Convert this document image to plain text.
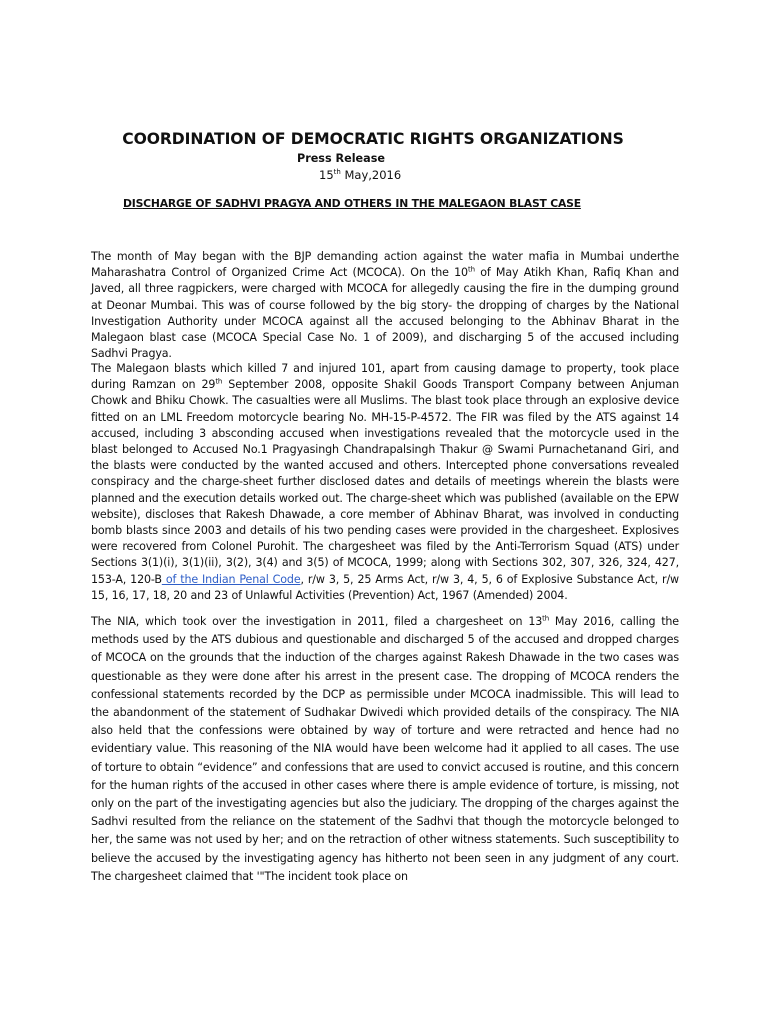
COORDINATION OF DEMOCRATIC RIGHTS ORGANIZATIONS

Press Release

15th May,2016

DISCHARGE OF SADHVI PRAGYA AND OTHERS IN THE MALEGAON BLAST CASE

The month of May began with the BJP demanding action against the water mafia in Mumbai underthe Maharashatra Control of Organized Crime Act (MCOCA). On the 10th of May Atikh Khan, Rafiq Khan and Javed, all three ragpickers, were charged with MCOCA for allegedly causing the fire in the dumping ground at Deonar Mumbai. This was of course followed by the big story- the dropping of charges by the National Investigation Authority under MCOCA against all the accused belonging to the Abhinav Bharat in the Malegaon blast case (MCOCA Special Case No. 1 of 2009), and discharging 5 of the accused including Sadhvi Pragya.

The Malegaon blasts which killed 7 and injured 101, apart from causing damage to property, took place during Ramzan on 29th September 2008, opposite Shakil Goods Transport Company between Anjuman Chowk and Bhiku Chowk. The casualties were all Muslims. The blast took place through an explosive device fitted on an LML Freedom motorcycle bearing No. MH-15-P-4572. The FIR was filed by the ATS against 14 accused, including 3 absconding accused when investigations revealed that the motorcycle used in the blast belonged to Accused No.1 Pragyasingh Chandrapalsingh Thakur @ Swami Purnachetanand Giri, and the blasts were conducted by the wanted accused and others. Intercepted phone conversations revealed conspiracy and the charge-sheet further disclosed dates and details of meetings wherein the blasts were planned and the execution details worked out. The charge-sheet which was published (available on the EPW website), discloses that Rakesh Dhawade, a core member of Abhinav Bharat, was involved in conducting bomb blasts since 2003 and details of his two pending cases were provided in the chargesheet. Explosives were recovered from Colonel Purohit. The chargesheet was filed by the Anti-Terrorism Squad (ATS) under Sections 3(1)(i), 3(1)(ii), 3(2), 3(4) and 3(5) of MCOCA, 1999; along with Sections 302, 307, 326, 324, 427, 153-A, 120-B of the Indian Penal Code, r/w 3, 5, 25 Arms Act, r/w 3, 4, 5, 6 of Explosive Substance Act, r/w 15, 16, 17, 18, 20 and 23 of Unlawful Activities (Prevention) Act, 1967 (Amended) 2004.

The NIA, which took over the investigation in 2011, filed a chargesheet on 13th May 2016, calling the methods used by the ATS dubious and questionable and discharged 5 of the accused and dropped charges of MCOCA on the grounds that the induction of the charges against Rakesh Dhawade in the two cases was questionable as they were done after his arrest in the present case. The dropping of MCOCA renders the confessional statements recorded by the DCP as permissible under MCOCA inadmissible. This will lead to the abandonment of the statement of Sudhakar Dwivedi which provided details of the conspiracy. The NIA also held that the confessions were obtained by way of torture and were retracted and hence had no evidentiary value. This reasoning of the NIA would have been welcome had it applied to all cases. The use of torture to obtain “evidence” and confessions that are used to convict accused is routine, and this concern for the human rights of the accused in other cases where there is ample evidence of torture, is missing, not only on the part of the investigating agencies but also the judiciary. The dropping of the charges against the Sadhvi resulted from the reliance on the statement of the Sadhvi that though the motorcycle belonged to her, the same was not used by her; and on the retraction of other witness statements. Such susceptibility to believe the accused by the investigating agency has hitherto not been seen in any judgment of any court. The chargesheet claimed that '"The incident took place on
